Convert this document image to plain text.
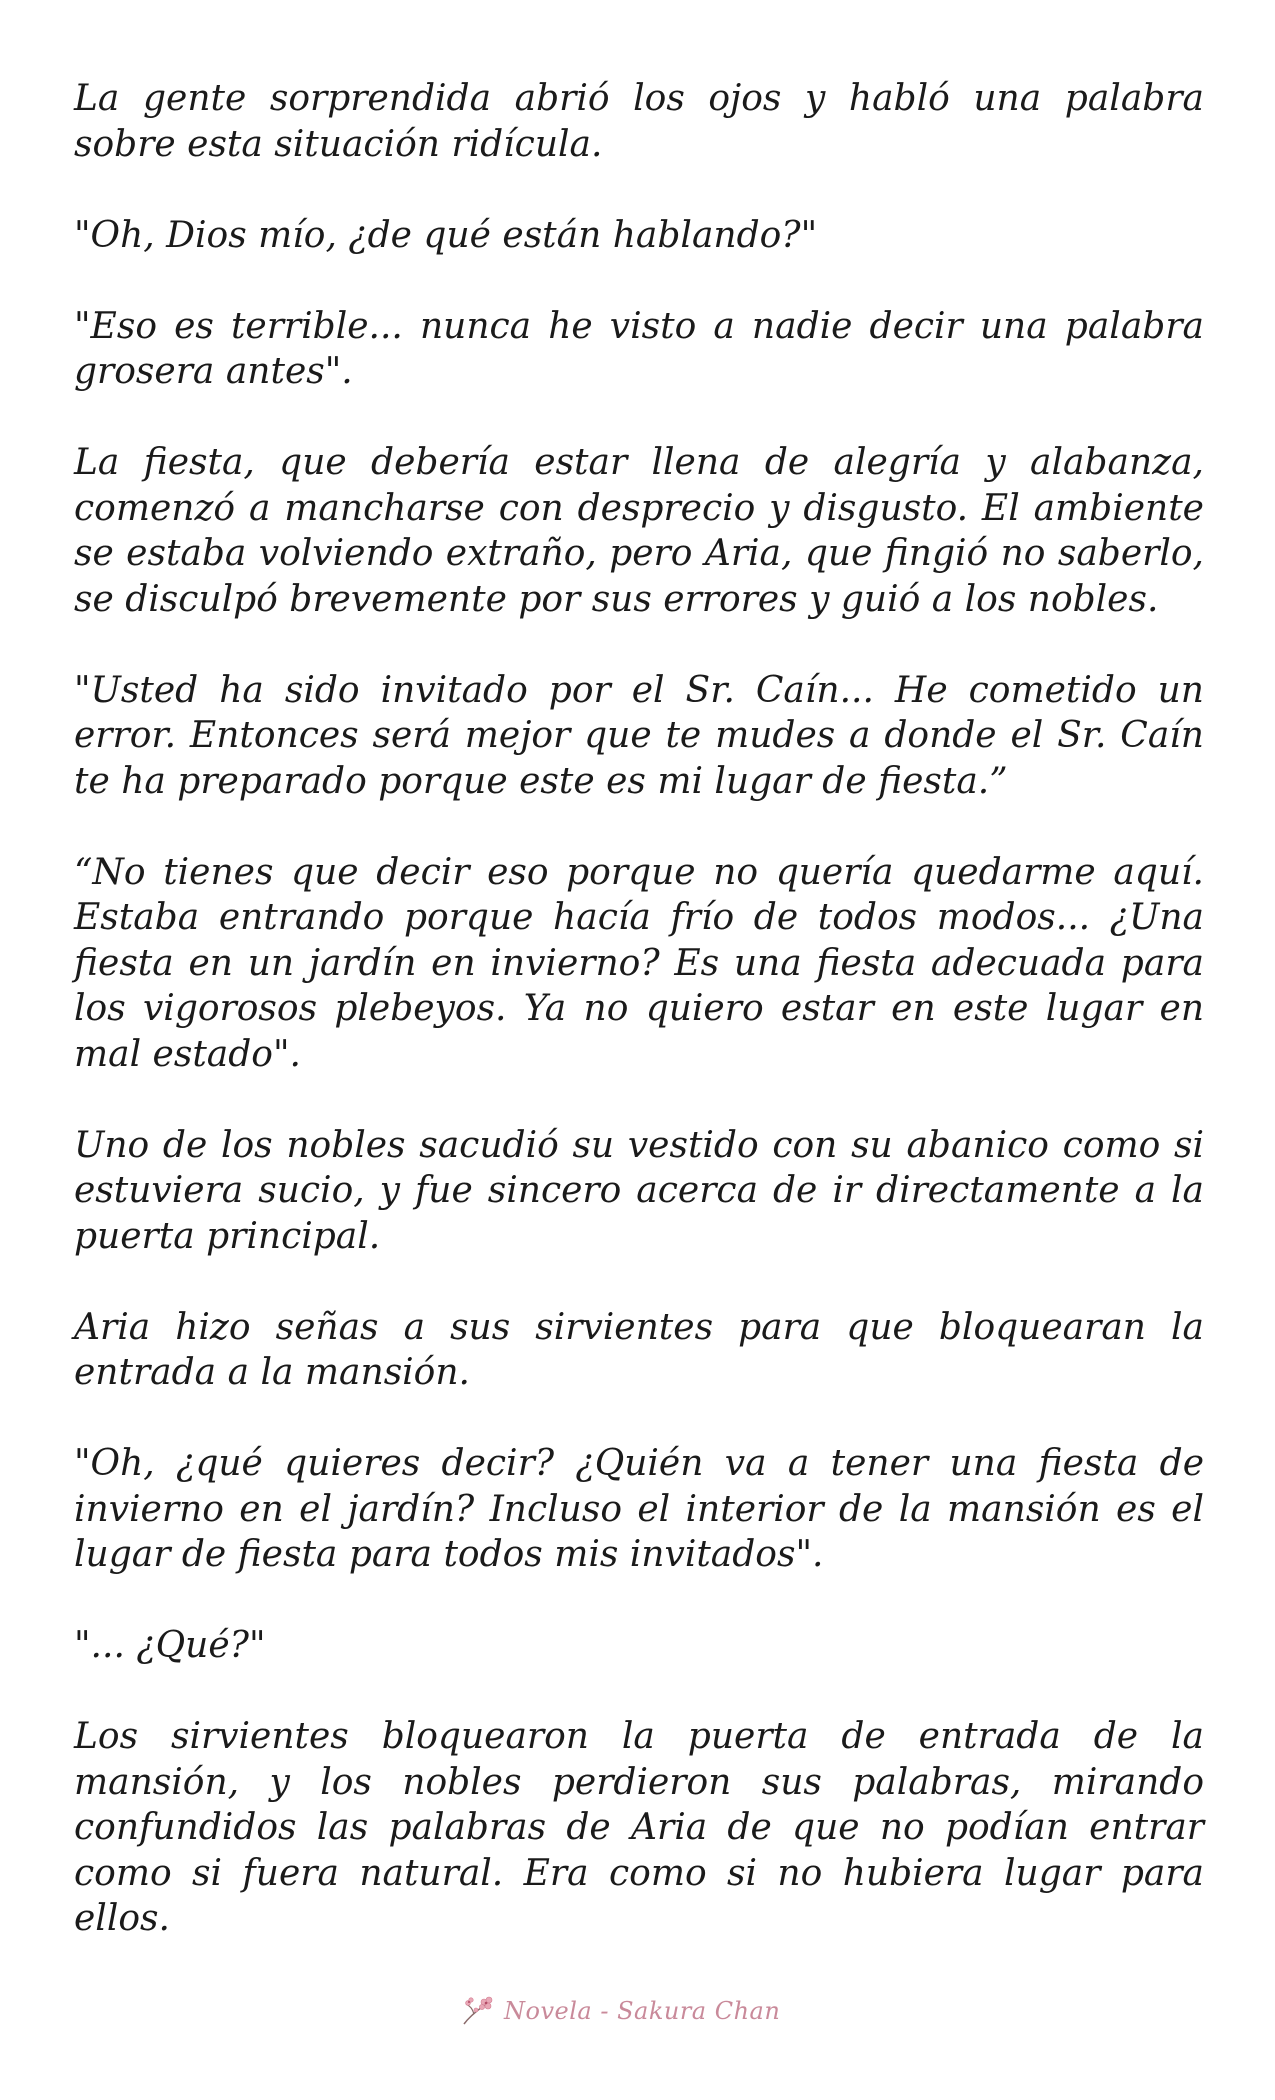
La gente sorprendida abrió los ojos y habló una palabra sobre esta situación ridícula.

"Oh, Dios mío, ¿de qué están hablando?"

"Eso es terrible... nunca he visto a nadie decir una palabra grosera antes".

La fiesta, que debería estar llena de alegría y alabanza, comenzó a mancharse con desprecio y disgusto. El ambiente se estaba volviendo extraño, pero Aria, que fingió no saberlo, se disculpó brevemente por sus errores y guió a los nobles.

"Usted ha sido invitado por el Sr. Caín... He cometido un error. Entonces será mejor que te mudes a donde el Sr. Caín te ha preparado porque este es mi lugar de fiesta.”

“No tienes que decir eso porque no quería quedarme aquí. Estaba entrando porque hacía frío de todos modos... ¿Una fiesta en un jardín en invierno? Es una fiesta adecuada para los vigorosos plebeyos. Ya no quiero estar en este lugar en mal estado".

Uno de los nobles sacudió su vestido con su abanico como si estuviera sucio, y fue sincero acerca de ir directamente a la puerta principal.

Aria hizo señas a sus sirvientes para que bloquearan la entrada a la mansión.

"Oh, ¿qué quieres decir? ¿Quién va a tener una fiesta de invierno en el jardín? Incluso el interior de la mansión es el lugar de fiesta para todos mis invitados".

"... ¿Qué?"

Los sirvientes bloquearon la puerta de entrada de la mansión, y los nobles perdieron sus palabras, mirando confundidos las palabras de Aria de que no podían entrar como si fuera natural. Era como si no hubiera lugar para ellos.

Novela - Sakura Chan
